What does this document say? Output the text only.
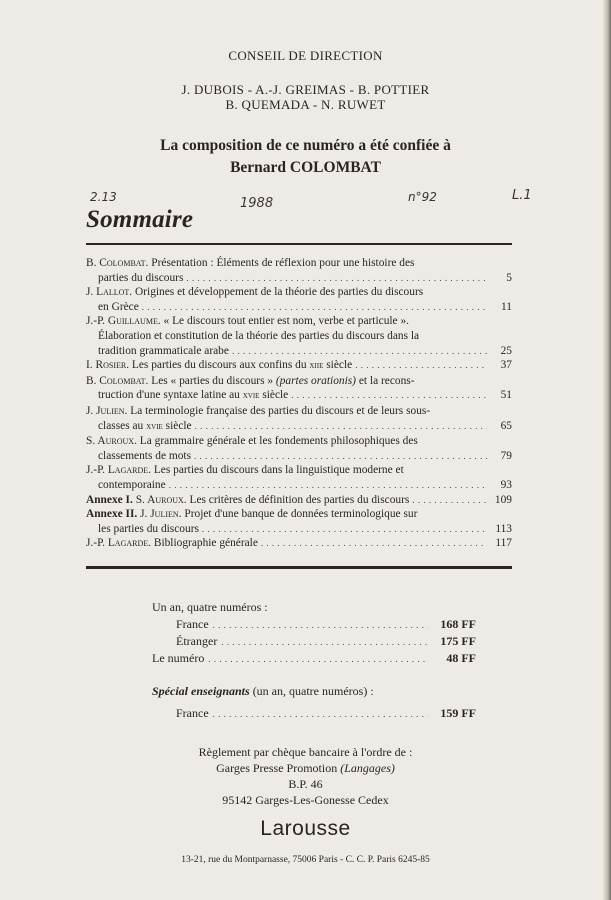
CONSEIL DE DIRECTION
J. DUBOIS - A.-J. GREIMAS - B. POTTIER
B. QUEMADA - N. RUWET
La composition de ce numéro a été confiée à
Bernard COLOMBAT
2.13	1988	n°92	L.1
Sommaire
B. Colombat.
Présentation :
Éléments de réflexion pour une histoire des
parties du discours . . .	5
J. Lallot.
Origines et développement de la théorie des parties du discours
en Grèce . . .	11
J.-P. Guillaume.
« Le discours tout entier est nom, verbe et particule ».
Élaboration et constitution de la théorie des parties du discours dans la
tradition grammaticale arabe . . .	25
I. Rosier.
Les parties du discours aux confins du
xiie
siècle . . .	37
B. Colombat.
Les « parties du discours »
(partes orationis)
et la recons-
truction d'une syntaxe latine au
xvie
siècle . . .	51
J. Julien.
La terminologie française des parties du discours et de leurs sous-
classes au
xvie
siècle . . .	65
S. Auroux.
La grammaire générale et les fondements philosophiques des
classements de mots . . .	79
J.-P. Lagarde.
Les parties du discours dans la linguistique moderne et
contemporaine . . .	93
Annexe I.
S. Auroux.
Les critères de définition des parties du discours . . .	109
Annexe II.
J. Julien.
Projet d'une banque de données terminologique sur
les parties du discours . . .	113
J.-P. Lagarde.
Bibliographie générale . . .	117
Un an, quatre numéros :
France . . .	168 FF
Étranger . . .	175 FF
Le numéro . . .	48 FF
Spécial enseignants (un an, quatre numéros) :
France . . .	159 FF
Règlement par chèque bancaire à l'ordre de :
Garges Presse Promotion (Langages)
B.P. 46
95142 Garges-Les-Gonesse Cedex
Larousse
13-21, rue du Montparnasse, 75006 Paris - C. C. P. Paris 6245-85
